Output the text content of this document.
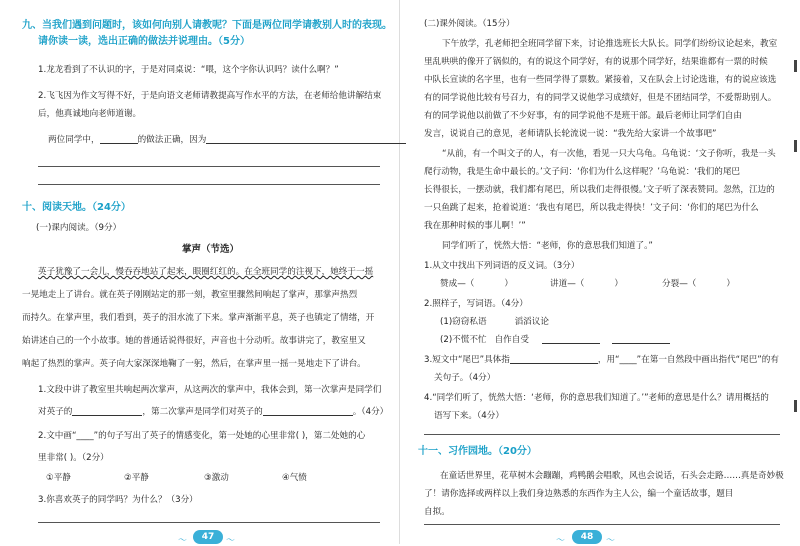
九、当我们遇到问题时，该如何向别人请教呢？下面是两位同学请教别人时的表现。
请你读一读，选出正确的做法并说理由。（5分）
1.龙龙看到了不认识的字，于是对同桌说：“喂，这个字你认识吗？读什么啊？”
2.飞飞因为作文写得不好，于是向语文老师请教提高写作水平的方法，在老师给他讲解结束
后，他真诚地向老师道谢。
两位同学中，	的做法正确，因为
十、阅读天地。（24分）
(一)课内阅读。（9分）
掌声（节选）
英子犹豫了一会儿，慢吞吞地站了起来，眼圈红红的。在全班同学的注视下，她终于一摇
一晃地走上了讲台。就在英子刚刚站定的那一刻，教室里骤然间响起了掌声，那掌声热烈
而持久。在掌声里，我们看到，英子的泪水流了下来。掌声渐渐平息，英子也镇定了情绪，开
始讲述自己的一个小故事。她的普通话说得很好，声音也十分动听。故事讲完了，教室里又
响起了热烈的掌声。英子向大家深深地鞠了一躬，然后，在掌声里一摇一晃地走下了讲台。
1.文段中讲了教室里共响起两次掌声，从这两次的掌声中，我体会到，第一次掌声是同学们
对英子的	，第二次掌声是同学们对英子的	。（4分）
2.文中画“____”的句子写出了英子的情感变化，第一处她的心里非常( )，第二处她的心
里非常( )。（2分）
①平静	②平静	③激动	④气愤
3.你喜欢英子的同学吗？为什么？（3分）
〜	47	〜
(二)课外阅读。（15分）
下午放学，孔老师把全班同学留下来，讨论推选班长大队长。同学们纷纷议论起来，教室
里乱哄哄的像开了锅似的，有的说这个同学好，有的说那个同学好，结果谁都有一票的时候
中队长宣读的名字里，也有一些同学得了票数。紧接着，又在队会上讨论选谁，有的说应该选
有的同学说他比较有号召力，有的同学又说他学习成绩好，但是不团结同学，不爱帮助别人。
有的同学说他以前做了不少好事，有的同学说他不是班干部。最后老师让同学们自由
发言，说说自己的意见，老师请队长轮流说一说：“我先给大家讲一个故事吧”
“从前，有一个叫文子的人，有一次他，看见一只大乌龟。乌龟说：‘文子你听，我是一头
爬行动物，我是生命中最长的。’文子问：‘你们为什么这样呢？’乌龟说：‘我们的尾巴
长得很长，一摆动就，我们都有尾巴，所以我们走得很慢。’文子听了深表赞同。忽然，江边的
一只鱼跳了起来，抢着说道：‘我也有尾巴，所以我走得快！’文子问：‘你们的尾巴为什么
我在那种时候的事儿啊！’”
同学们听了，恍然大悟：“老师，你的意思我们知道了。”
1.从文中找出下列词语的反义词。（3分）
赞成—（	）	讲道—（	）	分裂—（	）
2.照样子，写词语。（4分）
(1)窃窃私语	滔滔议论
(2)不慌不忙 自作自受
3.短文中“尾巴”具体指	，用“____”在第一自然段中画出指代“尾巴”的有
关句子。（4分）
4.“同学们听了，恍然大悟：‘老师，你的意思我们知道了。’”老师的意思是什么？请用概括的
语写下来。（4分）
十一、习作园地。（20分）
在童话世界里，花草树木会蹦蹦，鸡鸭鹅会唱歌，风也会说话，石头会走路……真是奇妙极
了！请你选择或两样以上我们身边熟悉的东西作为主人公，编一个童话故事，题目
自拟。
〜	48	〜
